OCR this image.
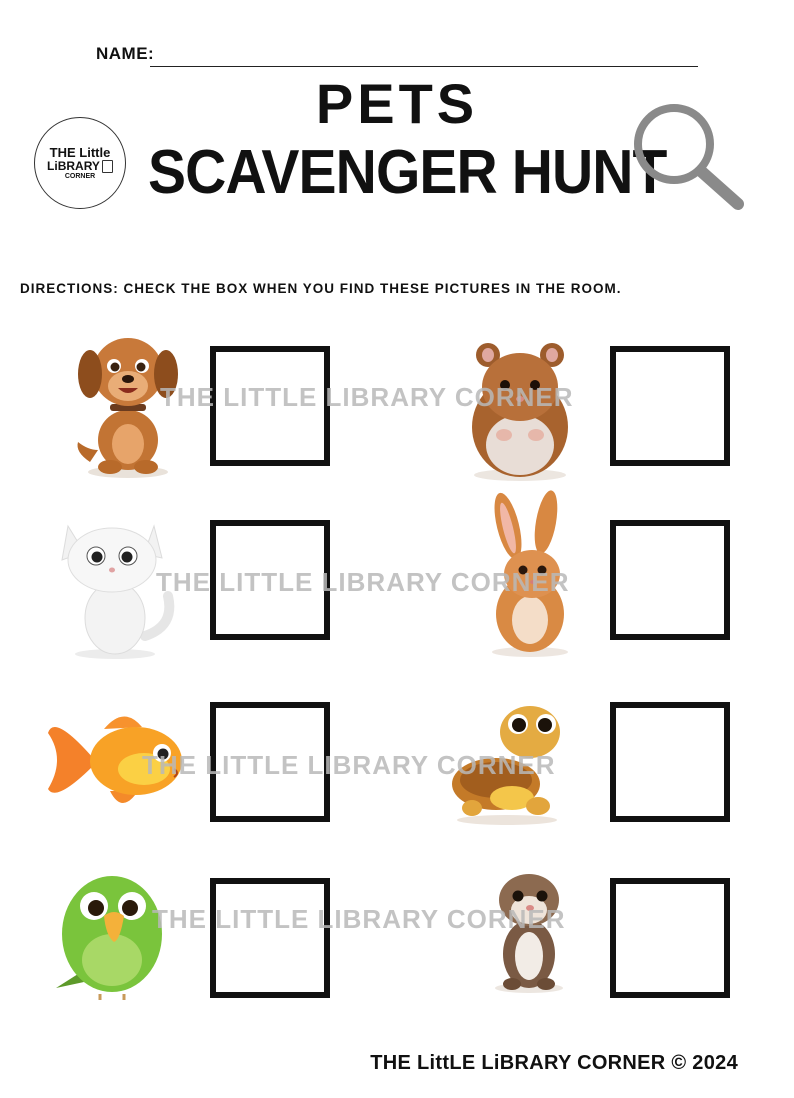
NAME:
THE Little
LiBRARY
CORNER
PETS
SCAVENGER HUNT
DIRECTIONS: CHECK THE BOX WHEN YOU FIND THESE PICTURES IN THE ROOM.
THE LITTLE LIBRARY CORNER
THE LITTLE LIBRARY CORNER
THE LITTLE LIBRARY CORNER
THE LITTLE LIBRARY CORNER
THE LittLE LiBRARY CORNER © 2024
